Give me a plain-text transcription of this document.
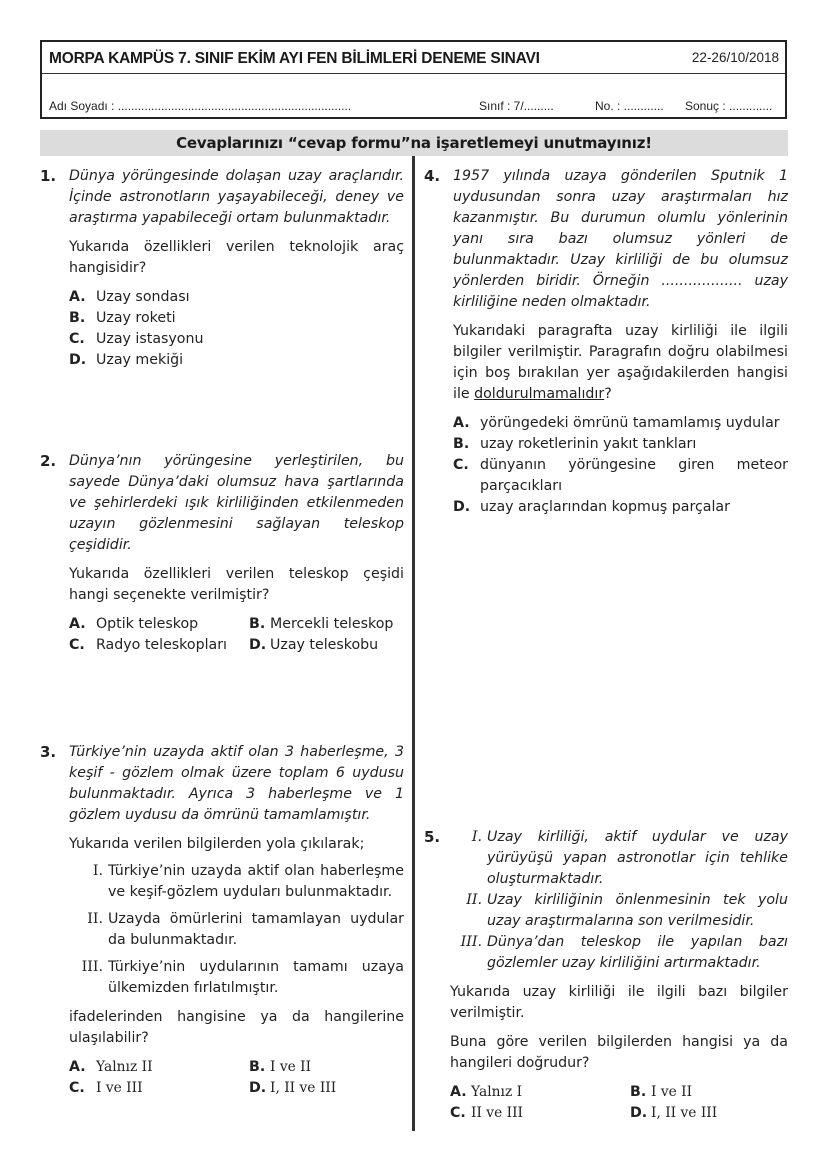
MORPA KAMPÜS 7. SINIF EKİM AYI FEN BİLİMLERİ DENEME SINAVI	22-26/10/2018
Adı Soyadı : ......................................................................	Sınıf : 7/.........	No. : ............ Sonuç : .............
Cevaplarınızı “cevap formu”na işaretlemeyi unutmayınız!
1. Dünya yörüngesinde dolaşan uzay araçlarıdır. İçinde astronotların yaşayabileceği, deney ve araştırma yapabileceği ortam bulunmaktadır.

Yukarıda özellikleri verilen teknolojik araç hangisidir?

A. Uzay sondası
B. Uzay roketi
C. Uzay istasyonu
D. Uzay mekiği
2. Dünya’nın yörüngesine yerleştirilen, bu sayede Dünya’daki olumsuz hava şartlarında ve şehirlerdeki ışık kirliliğinden etkilenmeden uzayın gözlenmesini sağlayan teleskop çeşididir.

Yukarıda özellikleri verilen teleskop çeşidi hangi seçenekte verilmiştir?

A. Optik teleskop	B. Mercekli teleskop
C. Radyo teleskopları D. Uzay teleskobu
3. Türkiye’nin uzayda aktif olan 3 haberleşme, 3 keşif - gözlem olmak üzere toplam 6 uydusu bulunmaktadır. Ayrıca 3 haberleşme ve 1 gözlem uydusu da ömrünü tamamlamıştır.

Yukarıda verilen bilgilerden yola çıkılarak;

I. Türkiye’nin uzayda aktif olan haberleşme ve keşif-gözlem uyduları bulunmaktadır.
II. Uzayda ömürlerini tamamlayan uydular da bulunmaktadır.
III. Türkiye’nin uydularının tamamı uzaya ülkemizden fırlatılmıştır.

ifadelerinden hangisine ya da hangilerine ulaşılabilir?

A. Yalnız II	B. I ve II
C. I ve III	D. I, II ve III
4. 1957 yılında uzaya gönderilen Sputnik 1 uydusundan sonra uzay araştırmaları hız kazanmıştır. Bu durumun olumlu yönlerinin yanı sıra bazı olumsuz yönleri de bulunmaktadır. Uzay kirliliği de bu olumsuz yönlerden biridir. Örneğin .................. uzay kirliliğine neden olmaktadır.

Yukarıdaki paragrafta uzay kirliliği ile ilgili bilgiler verilmiştir. Paragrafın doğru olabilmesi için boş bırakılan yer aşağıdakilerden hangisi ile doldurulmamalıdır?

A. yörüngedeki ömrünü tamamlamış uydular
B. uzay roketlerinin yakıt tankları
C. dünyanın yörüngesine giren meteor parçacıkları
D. uzay araçlarından kopmuş parçalar
5.	I. Uzay kirliliği, aktif uydular ve uzay yürüyüşü yapan astronotlar için tehlike oluşturmaktadır.
II. Uzay kirliliğinin önlenmesinin tek yolu uzay araştırmalarına son verilmesidir.
III. Dünya’dan teleskop ile yapılan bazı gözlemler uzay kirliliğini artırmaktadır.

Yukarıda uzay kirliliği ile ilgili bazı bilgiler verilmiştir.

Buna göre verilen bilgilerden hangisi ya da hangileri doğrudur?

A. Yalnız I	B. I ve II
C. II ve III	D. I, II ve III
